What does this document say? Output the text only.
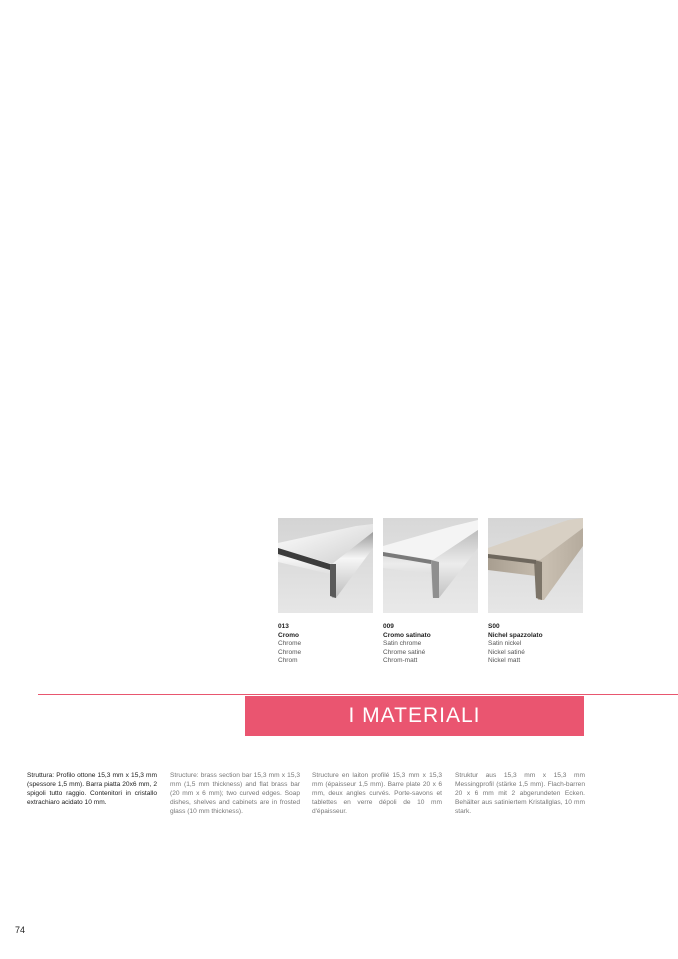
013
Cromo
Chrome
Chrome
Chrom
009
Cromo satinato
Satin chrome
Chrome satiné
Chrom-matt
S00
Nichel spazzolato
Satin nickel
Nickel satiné
Nickel matt
I MATERIALI
Struttura: Profilo ottone 15,3 mm x 15,3 mm (spessore 1,5 mm). Barra piatta 20x6 mm, 2 spigoli tutto raggio. Contenitori in cristallo extrachiaro acidato 10 mm.
Structure: brass section bar 15,3 mm x 15,3 mm (1,5 mm thickness) and flat brass bar (20 mm x 6 mm); two curved edges. Soap dishes, shelves and cabinets are in frosted glass (10 mm thickness).
Structure en laiton profilé 15,3 mm x 15,3 mm (épaisseur 1,5 mm). Barre plate 20 x 6 mm, deux angles curvés. Porte-savons et tablettes en verre dépoli de 10 mm d'épaisseur.
Struktur aus 15,3 mm x 15,3 mm Messingprofil (stärke 1,5 mm). Flach-barren 20 x 6 mm mit 2 abgerundeten Ecken. Behälter aus satiniertem Kristallglas, 10 mm stark.
74
